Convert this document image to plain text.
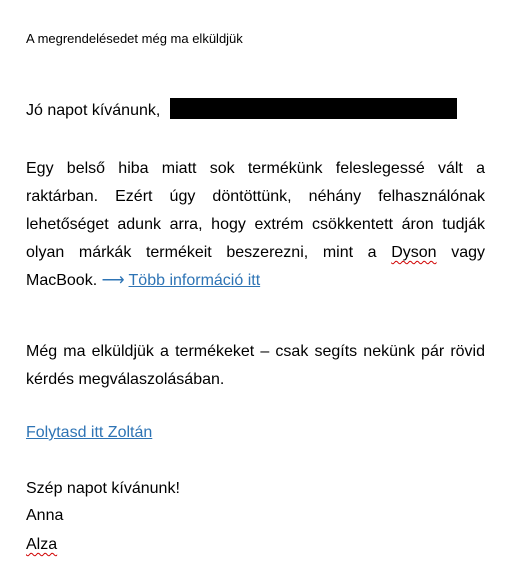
A megrendelésedet még ma elküldjük
Jó napot kívánunk,

Egy belső hiba miatt sok termékünk feleslegessé vált a raktárban. Ezért úgy döntöttünk, néhány felhasználónak lehetőséget adunk arra, hogy extrém csökkentett áron tudják olyan márkák termékeit beszerezni, mint a Dyson vagy MacBook. ⟶ Több információ itt

Még ma elküldjük a termékeket – csak segíts nekünk pár rövid kérdés megválaszolásában.

Folytasd itt Zoltán
Szép napot kívánunk!
Anna
Alza
